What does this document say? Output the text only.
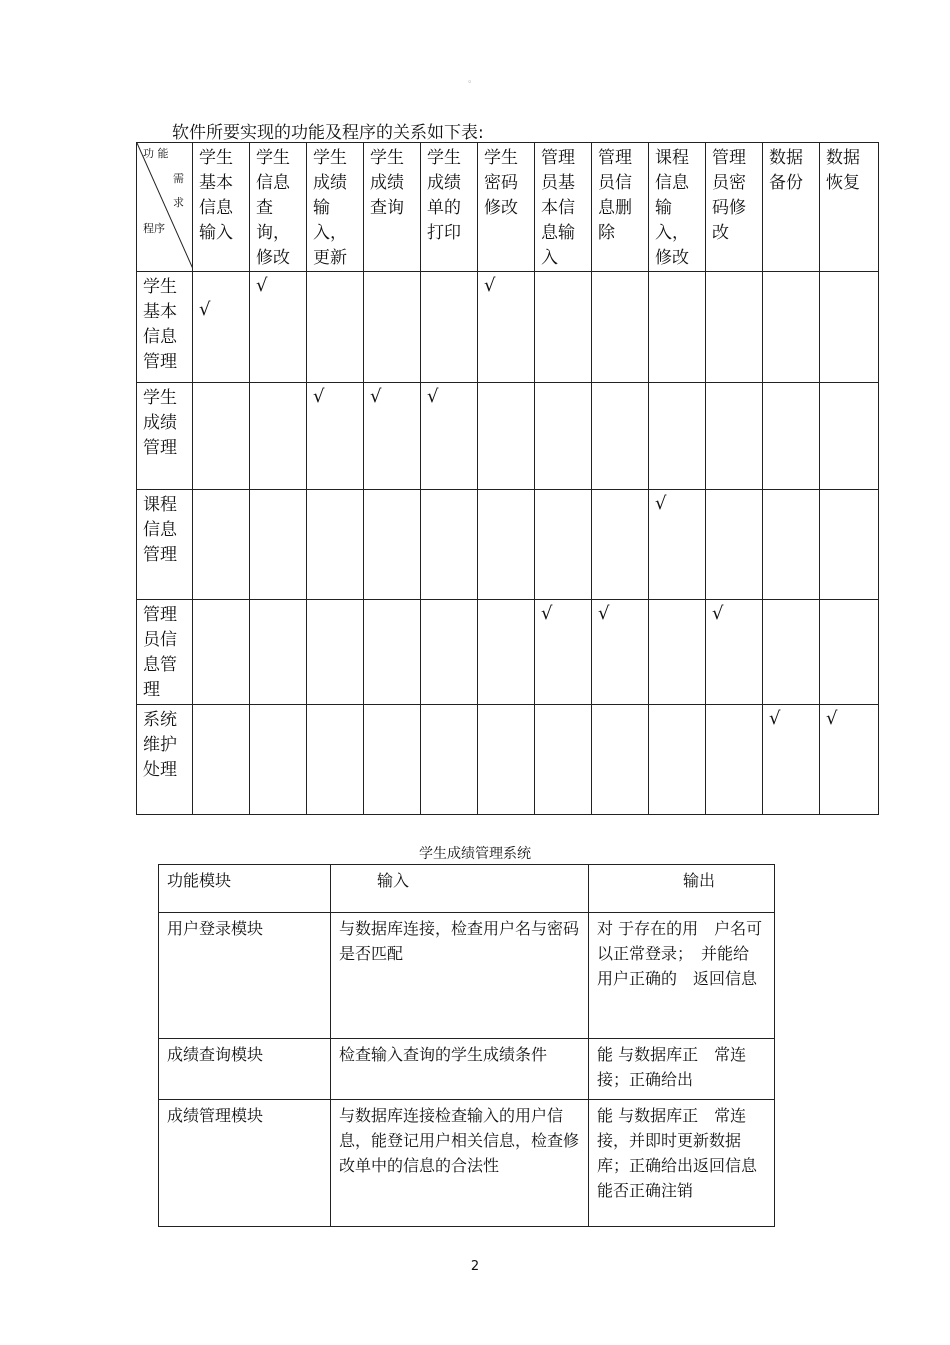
。
软件所要实现的功能及程序的关系如下表:
功 能
需
求
程序	学生基本信息输入	学生信息查询，修改	学生成绩输入，更新	学生成绩查询	学生成绩单的打印	学生密码修改	管理员基本信息输入	管理员信息删除	课程信息输入，修改	管理员密码修改	数据备份	数据恢复
学生基本信息管理	√	√				√						

学生成绩管理			√	√	√							

课程信息管理									√			

管理员信息管理							√	√		√		

系统维护处理											√	√
学生成绩管理系统
功能模块	输入	输出
用户登录模块	与数据库连接，检查用户名与密码是否匹配	对 于存在的用　户名可以正常登录；　并能给 用户正确的　返回信息
成绩查询模块	检查输入查询的学生成绩条件	能 与数据库正　常连接；正确给出
成绩管理模块	与数据库连接检查输入的用户信息，能登记用户相关信息，检查修改单中的信息的合法性	能 与数据库正　常连接，并即时更新数据库；正确给出返回信息
能否正确注销
2
